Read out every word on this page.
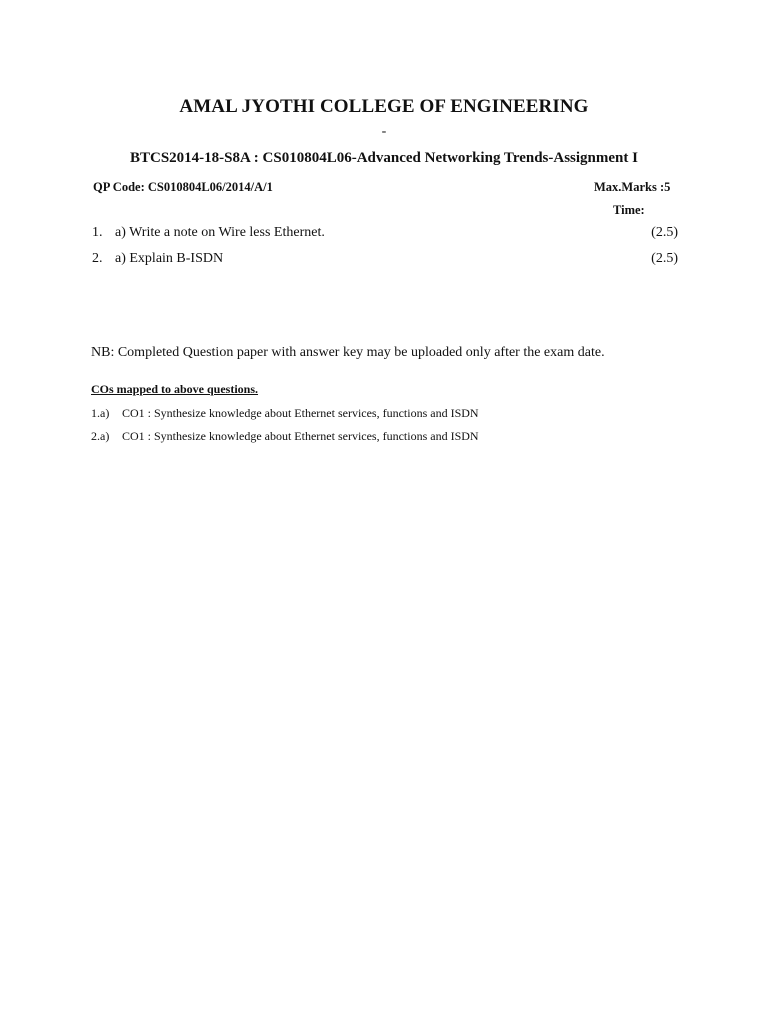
AMAL JYOTHI COLLEGE OF ENGINEERING
-
BTCS2014-18-S8A : CS010804L06-Advanced Networking Trends-Assignment I
QP Code: CS010804L06/2014/A/1	Max.Marks :5
Time:
1. a) Write a note on Wire less Ethernet.	(2.5)
2. a) Explain B-ISDN	(2.5)
NB: Completed Question paper with answer key may be uploaded only after the exam date.
COs mapped to above questions.
1.a)	CO1 : Synthesize knowledge about Ethernet services, functions and ISDN
2.a)	CO1 : Synthesize knowledge about Ethernet services, functions and ISDN
